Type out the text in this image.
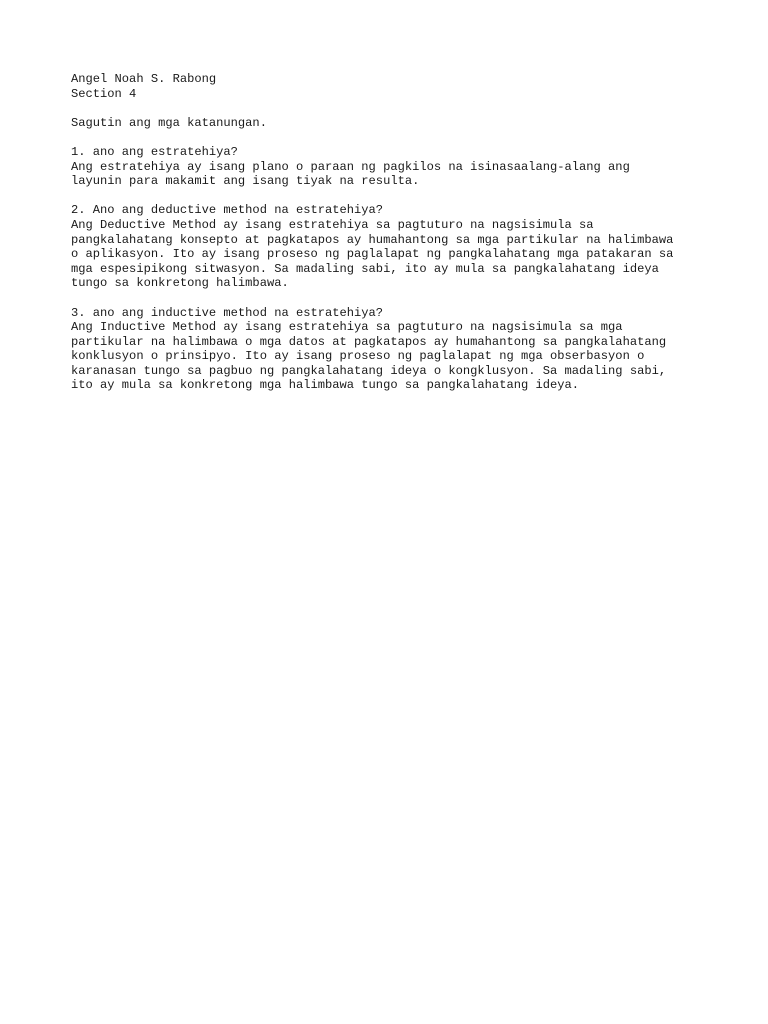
Angel Noah S. Rabong
Section 4
Sagutin ang mga katanungan.
1. ano ang estratehiya?
Ang estratehiya ay isang plano o paraan ng pagkilos na isinasaalang-alang ang
layunin para makamit ang isang tiyak na resulta.
2. Ano ang deductive method na estratehiya?
Ang Deductive Method ay isang estratehiya sa pagtuturo na nagsisimula sa
pangkalahatang konsepto at pagkatapos ay humahantong sa mga partikular na halimbawa
o aplikasyon. Ito ay isang proseso ng paglalapat ng pangkalahatang mga patakaran sa
mga espesipikong sitwasyon. Sa madaling sabi, ito ay mula sa pangkalahatang ideya
tungo sa konkretong halimbawa.
3. ano ang inductive method na estratehiya?
Ang Inductive Method ay isang estratehiya sa pagtuturo na nagsisimula sa mga
partikular na halimbawa o mga datos at pagkatapos ay humahantong sa pangkalahatang
konklusyon o prinsipyo. Ito ay isang proseso ng paglalapat ng mga obserbasyon o
karanasan tungo sa pagbuo ng pangkalahatang ideya o kongklusyon. Sa madaling sabi,
ito ay mula sa konkretong mga halimbawa tungo sa pangkalahatang ideya.
